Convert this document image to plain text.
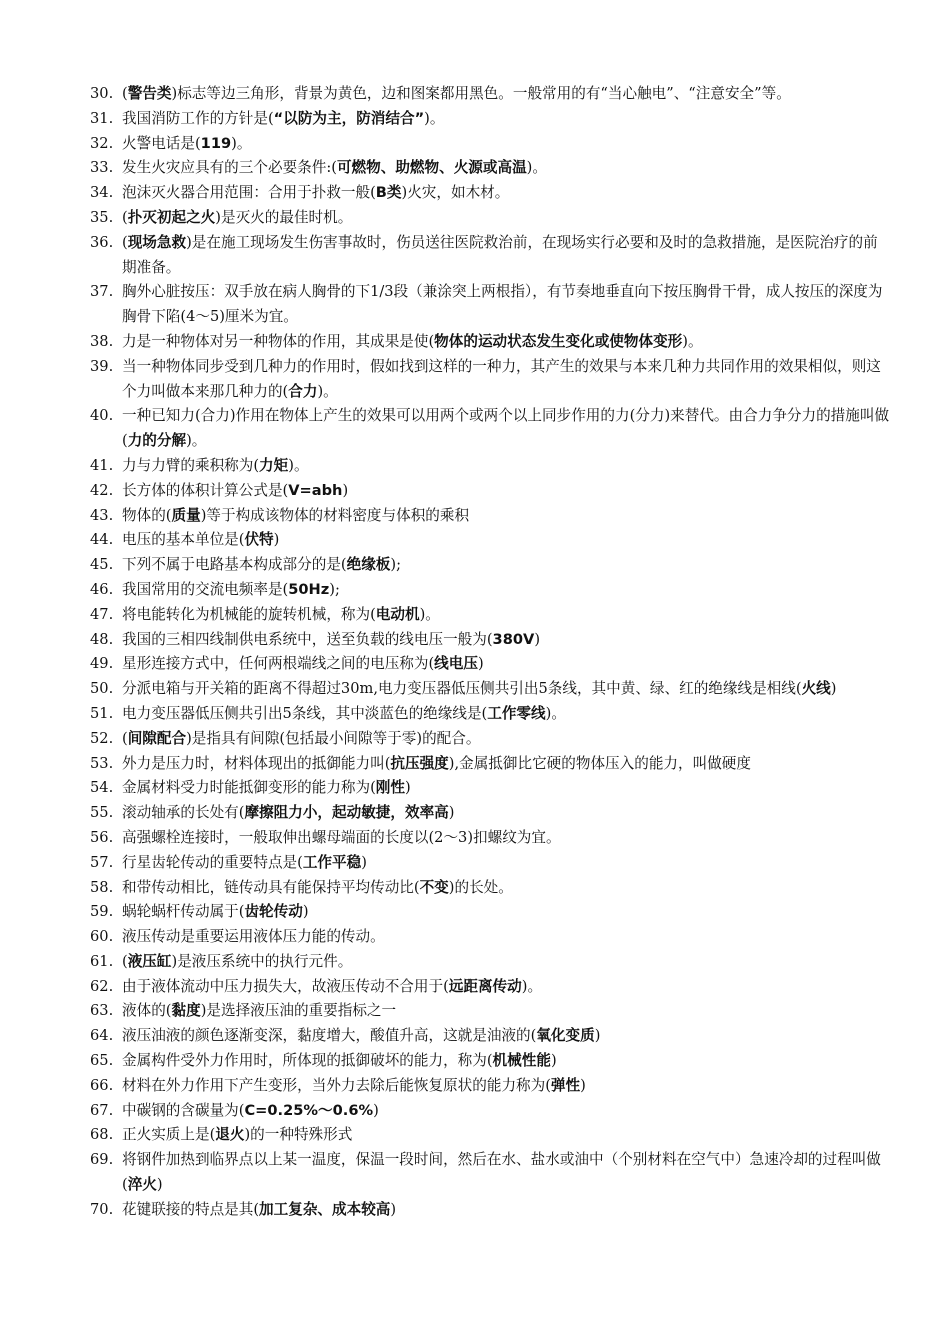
30. (警告类)标志等边三角形，背景为黄色，边和图案都用黑色。一般常用的有“当心触电”、“注意安全”等。
31. 我国消防工作的方针是(“以防为主，防消结合”)。
32. 火警电话是(119)。
33. 发生火灾应具有的三个必要条件:(可燃物、助燃物、火源或高温)。
34. 泡沫灭火器合用范围：合用于扑救一般(B类)火灾，如木材。
35. (扑灭初起之火)是灭火的最佳时机。
36. (现场急救)是在施工现场发生伤害事故时，伤员送往医院救治前，在现场实行必要和及时的急救措施，是医院治疗的前期准备。
37. 胸外心脏按压：双手放在病人胸骨的下1/3段（兼涂突上两根指），有节奏地垂直向下按压胸骨干骨，成人按压的深度为胸骨下陷(4～5)厘米为宜。
38. 力是一种物体对另一种物体的作用，其成果是使(物体的运动状态发生变化或使物体变形)。
39. 当一种物体同步受到几种力的作用时，假如找到这样的一种力，其产生的效果与本来几种力共同作用的效果相似，则这个力叫做本来那几种力的(合力)。
40. 一种已知力(合力)作用在物体上产生的效果可以用两个或两个以上同步作用的力(分力)来替代。由合力争分力的措施叫做(力的分解)。
41. 力与力臂的乘积称为(力矩)。
42. 长方体的体积计算公式是(V=abh)
43. 物体的(质量)等于构成该物体的材料密度与体积的乘积
44. 电压的基本单位是(伏特)
45. 下列不属于电路基本构成部分的是(绝缘板);
46. 我国常用的交流电频率是(50Hz);
47. 将电能转化为机械能的旋转机械，称为(电动机)。
48. 我国的三相四线制供电系统中，送至负载的线电压一般为(380V)
49. 星形连接方式中，任何两根端线之间的电压称为(线电压)
50. 分派电箱与开关箱的距离不得超过30m,电力变压器低压侧共引出5条线，其中黄、绿、红的绝缘线是相线(火线)
51. 电力变压器低压侧共引出5条线，其中淡蓝色的绝缘线是(工作零线)。
52. (间隙配合)是指具有间隙(包括最小间隙等于零)的配合。
53. 外力是压力时，材料体现出的抵御能力叫(抗压强度),金属抵御比它硬的物体压入的能力，叫做硬度
54. 金属材料受力时能抵御变形的能力称为(刚性)
55. 滚动轴承的长处有(摩擦阻力小，起动敏捷，效率高)
56. 高强螺栓连接时，一般取伸出螺母端面的长度以(2～3)扣螺纹为宜。
57. 行星齿轮传动的重要特点是(工作平稳)
58. 和带传动相比，链传动具有能保持平均传动比(不变)的长处。
59. 蜗轮蜗杆传动属于(齿轮传动)
60. 液压传动是重要运用液体压力能的传动。
61. (液压缸)是液压系统中的执行元件。
62. 由于液体流动中压力损失大，故液压传动不合用于(远距离传动)。
63. 液体的(黏度)是选择液压油的重要指标之一
64. 液压油液的颜色逐渐变深，黏度增大，酸值升高，这就是油液的(氧化变质)
65. 金属构件受外力作用时，所体现的抵御破坏的能力，称为(机械性能)
66. 材料在外力作用下产生变形，当外力去除后能恢复原状的能力称为(弹性)
67. 中碳钢的含碳量为(C=0.25%～0.6%)
68. 正火实质上是(退火)的一种特殊形式
69. 将钢件加热到临界点以上某一温度，保温一段时间，然后在水、盐水或油中（个别材料在空气中）急速冷却的过程叫做(淬火)
70. 花键联接的特点是其(加工复杂、成本较高)
